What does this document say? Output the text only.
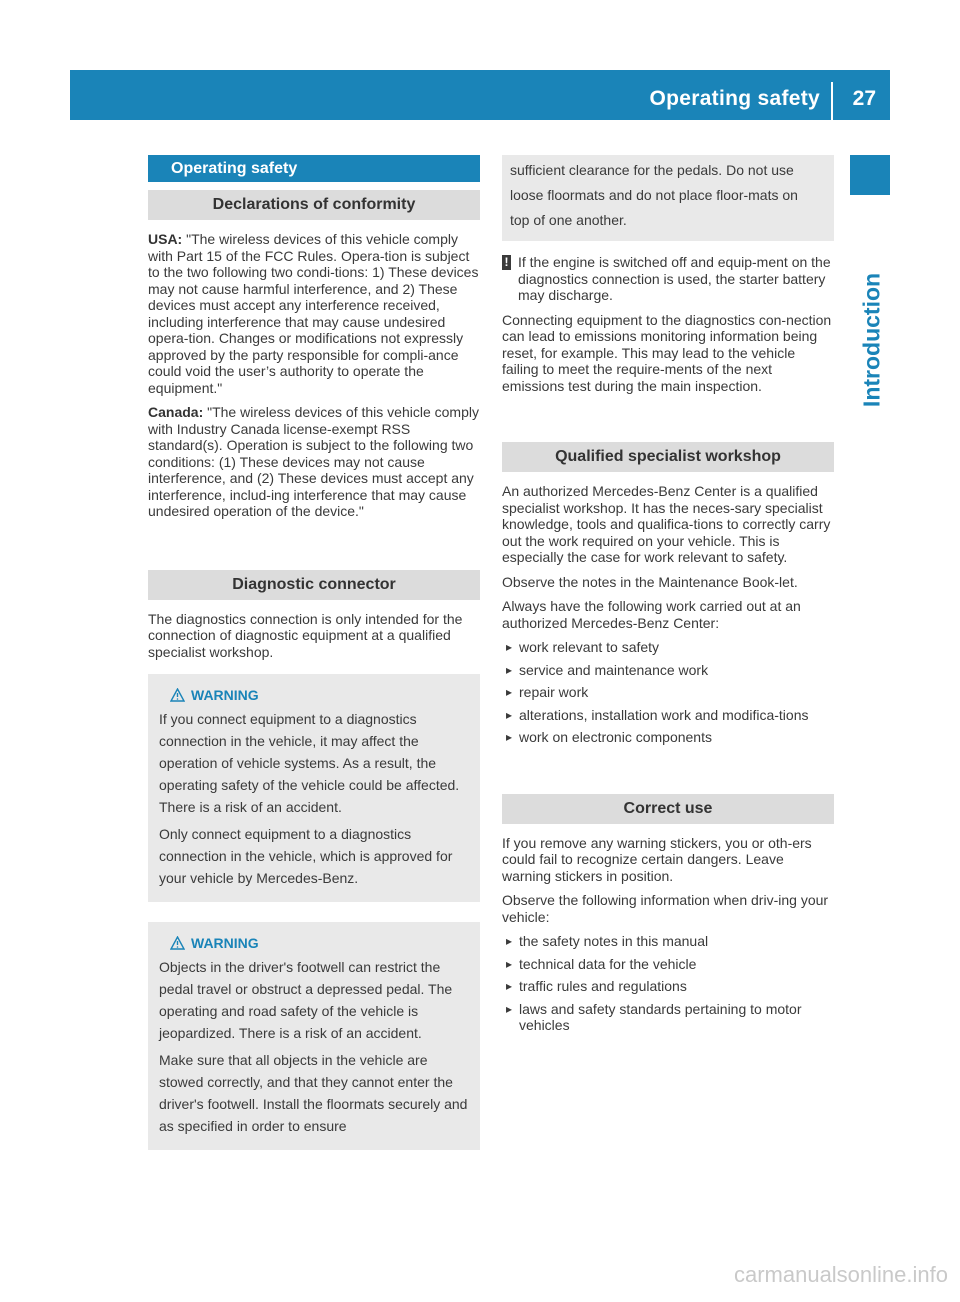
Operating safety 27
Introduction
Operating safety
Declarations of conformity

USA: "The wireless devices of this vehicle comply with Part 15 of the FCC Rules. Opera-tion is subject to the two following two condi-tions: 1) These devices may not cause harmful interference, and 2) These devices must accept any interference received, including interference that may cause undesired opera-tion. Changes or modifications not expressly approved by the party responsible for compli-ance could void the user’s authority to operate the equipment."

Canada: "The wireless devices of this vehicle comply with Industry Canada license-exempt RSS standard(s). Operation is subject to the following two conditions: (1) These devices may not cause interference, and (2) These devices must accept any interference, includ-ing interference that may cause undesired operation of the device."

Diagnostic connector

The diagnostics connection is only intended for the connection of diagnostic equipment at a qualified specialist workshop.

WARNING

If you connect equipment to a diagnostics connection in the vehicle, it may affect the operation of vehicle systems. As a result, the operating safety of the vehicle could be affected. There is a risk of an accident.

Only connect equipment to a diagnostics connection in the vehicle, which is approved for your vehicle by Mercedes-Benz.

WARNING

Objects in the driver's footwell can restrict the pedal travel or obstruct a depressed pedal. The operating and road safety of the vehicle is jeopardized. There is a risk of an accident.

Make sure that all objects in the vehicle are stowed correctly, and that they cannot enter the driver's footwell. Install the floormats securely and as specified in order to ensure

sufficient clearance for the pedals. Do not use loose floormats and do not place floor-mats on top of one another.

! If the engine is switched off and equip-ment on the diagnostics connection is used, the starter battery may discharge.

Connecting equipment to the diagnostics con-nection can lead to emissions monitoring information being reset, for example. This may lead to the vehicle failing to meet the require-ments of the next emissions test during the main inspection.

Qualified specialist workshop

An authorized Mercedes-Benz Center is a qualified specialist workshop. It has the neces-sary specialist knowledge, tools and qualifica-tions to correctly carry out the work required on your vehicle. This is especially the case for work relevant to safety.

Observe the notes in the Maintenance Book-let.

Always have the following work carried out at an authorized Mercedes-Benz Center:

▸ work relevant to safety
▸ service and maintenance work
▸ repair work
▸ alterations, installation work and modifica-tions
▸ work on electronic components
Correct use

If you remove any warning stickers, you or oth-ers could fail to recognize certain dangers. Leave warning stickers in position.

Observe the following information when driv-ing your vehicle:

▸ the safety notes in this manual
▸ technical data for the vehicle
▸ traffic rules and regulations
▸ laws and safety standards pertaining to motor vehicles
carmanualsonline.info
